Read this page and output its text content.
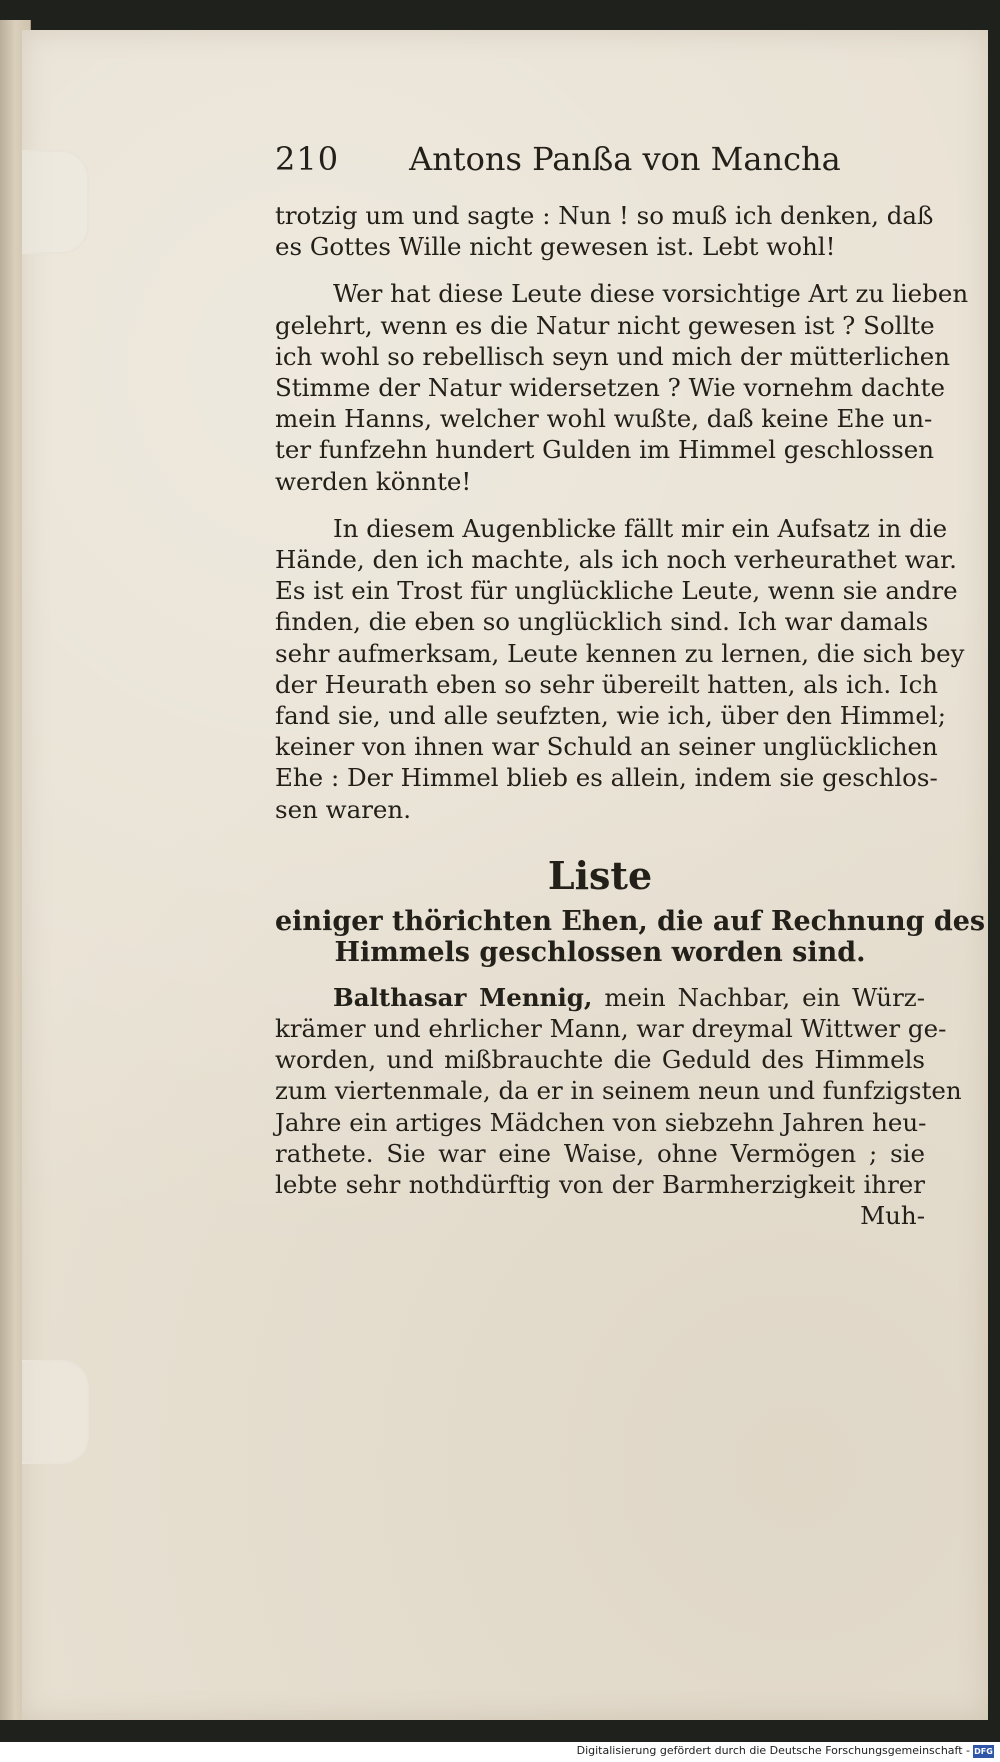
210 Antons Panßa von Mancha
trotzig um und sagte : Nun ! so muß ich denken, daß
es Gottes Wille nicht gewesen ist. Lebt wohl!
Wer hat diese Leute diese vorsichtige Art zu lieben
gelehrt, wenn es die Natur nicht gewesen ist ? Sollte
ich wohl so rebellisch seyn und mich der mütterlichen
Stimme der Natur widersetzen ? Wie vornehm dachte
mein Hanns, welcher wohl wußte, daß keine Ehe un-
ter funfzehn hundert Gulden im Himmel geschlossen
werden könnte!
In diesem Augenblicke fällt mir ein Aufsatz in die
Hände, den ich machte, als ich noch verheurathet war.
Es ist ein Trost für unglückliche Leute, wenn sie andre
finden, die eben so unglücklich sind. Ich war damals
sehr aufmerksam, Leute kennen zu lernen, die sich bey
der Heurath eben so sehr übereilt hatten, als ich. Ich
fand sie, und alle seufzten, wie ich, über den Himmel;
keiner von ihnen war Schuld an seiner unglücklichen
Ehe : Der Himmel blieb es allein, indem sie geschlos-
sen waren.
Liste
einiger thörichten Ehen, die auf Rechnung des
Himmels geschlossen worden sind.
Balthasar Mennig, mein Nachbar, ein Würz-
krämer und ehrlicher Mann, war dreymal Wittwer ge-
worden, und mißbrauchte die Geduld des Himmels
zum viertenmale, da er in seinem neun und funfzigsten
Jahre ein artiges Mädchen von siebzehn Jahren heu-
rathete. Sie war eine Waise, ohne Vermögen ; sie
lebte sehr nothdürftig von der Barmherzigkeit ihrer
Muh-
Digitalisierung gefördert durch die Deutsche Forschungsgemeinschaft - DFG
